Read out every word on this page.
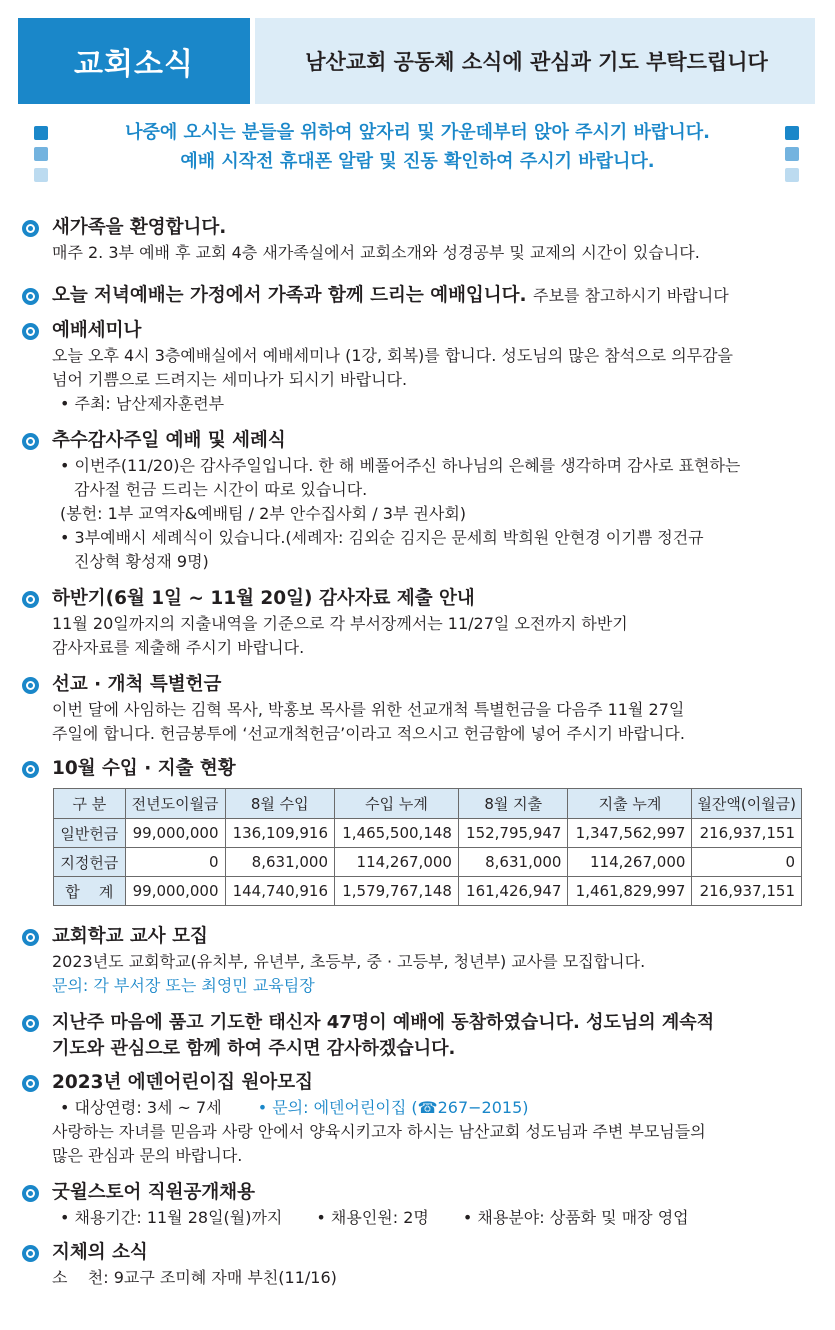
교회소식	남산교회 공동체 소식에 관심과 기도 부탁드립니다
나중에 오시는 분들을 위하여 앞자리 및 가운데부터 앉아 주시기 바랍니다.
예배 시작전 휴대폰 알람 및 진동 확인하여 주시기 바랍니다.
새가족을 환영합니다.
매주 2. 3부 예배 후 교회 4층 새가족실에서 교회소개와 성경공부 및 교제의 시간이 있습니다.
오늘 저녁예배는 가정에서 가족과 함께 드리는 예배입니다.
주보를 참고하시기 바랍니다
예배세미나
오늘 오후 4시 3층예배실에서 예배세미나 (1강, 회복)를 합니다. 성도님의 많은 참석으로 의무감을
넘어 기쁨으로 드려지는 세미나가 되시기 바랍니다.
• 주최: 남산제자훈련부
추수감사주일 예배 및 세례식
• 이번주(11/20)은 감사주일입니다. 한 해 베풀어주신 하나님의 은혜를 생각하며 감사로 표현하는
감사절 헌금 드리는 시간이 따로 있습니다.
(봉헌: 1부 교역자&예배팀 / 2부 안수집사회 / 3부 권사회)
• 3부예배시 세례식이 있습니다.(세례자: 김외순 김지은 문세희 박희원 안현경 이기쁨 정건규
진상혁 황성재 9명)
하반기(6월 1일 ~ 11월 20일) 감사자료 제출 안내
11월 20일까지의 지출내역을 기준으로 각 부서장께서는 11/27일 오전까지 하반기
감사자료를 제출해 주시기 바랍니다.
선교 · 개척 특별헌금
이번 달에 사임하는 김혁 목사, 박홍보 목사를 위한 선교개척 특별헌금을 다음주 11월 27일
주일에 합니다. 헌금봉투에 ‘선교개척헌금’이라고 적으시고 헌금함에 넣어 주시기 바랍니다.
10월 수입 · 지출 현황
구 분	전년도이월금	8월 수입	수입 누계	8월 지출	지출 누계	월잔액(이월금)
일반헌금	99,000,000	136,109,916	1,465,500,148	152,795,947	1,347,562,997	216,937,151
지정헌금	0	8,631,000	114,267,000	8,631,000	114,267,000	0
합    계	99,000,000	144,740,916	1,579,767,148	161,426,947	1,461,829,997	216,937,151
교회학교 교사 모집
2023년도 교회학교(유치부, 유년부, 초등부, 중 · 고등부, 청년부) 교사를 모집합니다.
문의: 각 부서장 또는 최영민 교육팀장
지난주 마음에 품고 기도한 태신자 47명이 예배에 동참하였습니다. 성도님의 계속적
기도와 관심으로 함께 하여 주시면 감사하겠습니다.
2023년 에덴어린이집 원아모집
• 대상연령: 3세 ~ 7세 • 문의: 에덴어린이집 (☎267−2015)
사랑하는 자녀를 믿음과 사랑 안에서 양육시키고자 하시는 남산교회 성도님과 주변 부모님들의
많은 관심과 문의 바랍니다.
굿윌스토어 직원공개채용
• 채용기간: 11월 28일(월)까지 • 채용인원: 2명 • 채용분야: 상품화 및 매장 영업
지체의 소식
소    천: 9교구 조미혜 자매 부친(11/16)
